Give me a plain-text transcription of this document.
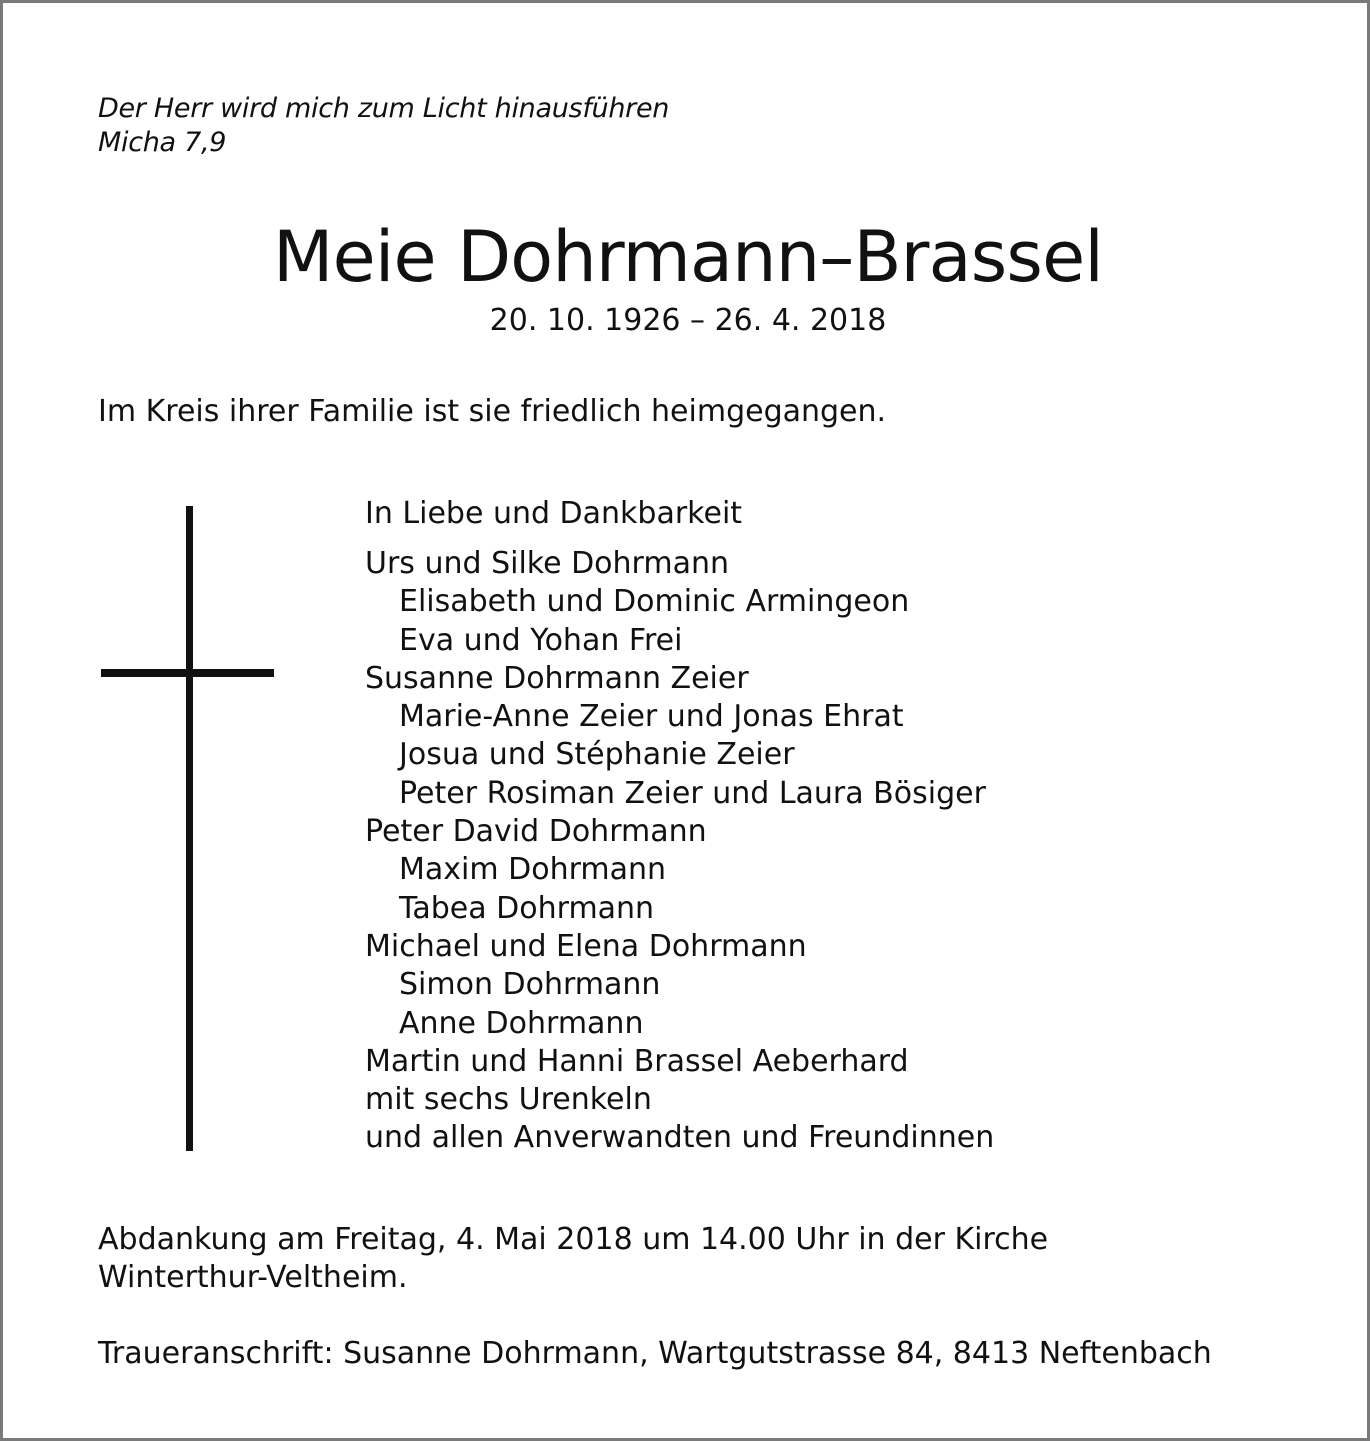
Der Herr wird mich zum Licht hinausführen
Micha 7,9
Meie Dohrmann–Brassel
20. 10. 1926 – 26. 4. 2018
Im Kreis ihrer Familie ist sie friedlich heimgegangen.
In Liebe und Dankbarkeit
Urs und Silke Dohrmann
Elisabeth und Dominic Armingeon
Eva und Yohan Frei
Susanne Dohrmann Zeier
Marie-Anne Zeier und Jonas Ehrat
Josua und Stéphanie Zeier
Peter Rosiman Zeier und Laura Bösiger
Peter David Dohrmann
Maxim Dohrmann
Tabea Dohrmann
Michael und Elena Dohrmann
Simon Dohrmann
Anne Dohrmann
Martin und Hanni Brassel Aeberhard
mit sechs Urenkeln
und allen Anverwandten und Freundinnen
Abdankung am Freitag, 4. Mai 2018 um 14.00 Uhr in der Kirche
Winterthur-Veltheim.
Traueranschrift: Susanne Dohrmann, Wartgutstrasse 84, 8413 Neftenbach
